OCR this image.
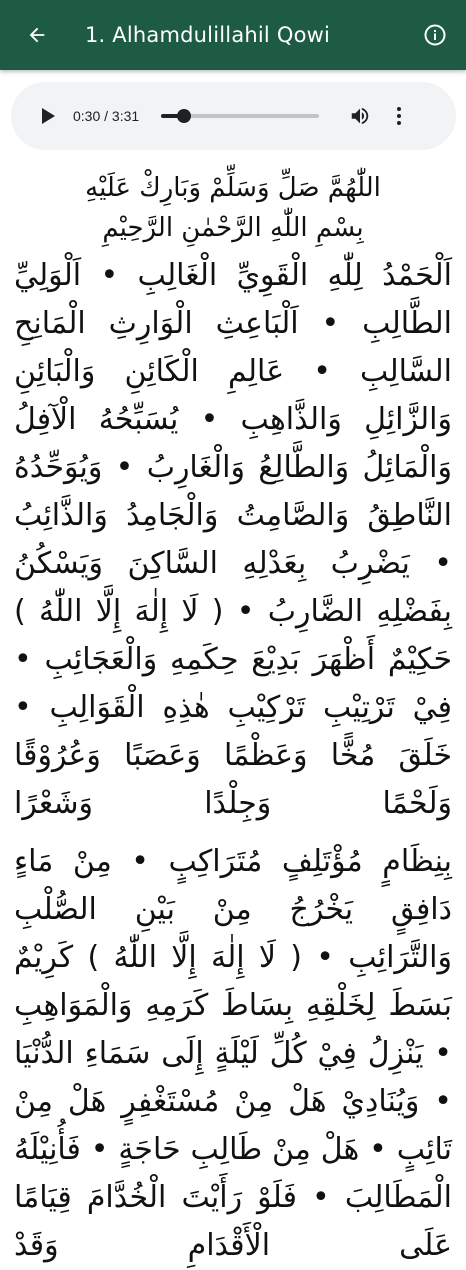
1. Alhamdulillahil Qowi
0:30 / 3:31
اللّٰهُمَّ صَلِّ وَسَلِّمْ وَبَارِكْ عَلَيْهِ
بِسْمِ اللّٰهِ الرَّحْمٰنِ الرَّحِيْمِ

اَلْحَمْدُ لِلّٰهِ الْقَوِيِّ الْغَالِبِ • اَلْوَلِيِّ الطَّالِبِ • اَلْبَاعِثِ الْوَارِثِ الْمَانِحِ السَّالِبِ • عَالِمِ الْكَائِنِ وَالْبَائِنِ وَالزَّائِلِ وَالذَّاهِبِ • يُسَبِّحُهُ الْآفِلُ وَالْمَائِلُ وَالطَّالِعُ وَالْغَارِبُ • وَيُوَحِّدُهُ النَّاطِقُ وَالصَّامِتُ وَالْجَامِدُ وَالذَّائِبُ • يَضْرِبُ بِعَدْلِهِ السَّاكِنَ وَيَسْكُنُ بِفَضْلِهِ الضَّارِبُ • ( لَا إِلٰهَ إِلَّا اللّٰهُ ) حَكِيْمٌ أَظْهَرَ بَدِيْعَ حِكَمِهِ وَالْعَجَائِبِ • فِيْ تَرْتِيْبِ تَرْكِيْبِ هٰذِهِ الْقَوَالِبِ • خَلَقَ مُخًّا وَعَظْمًا وَعَصَبًا وَعُرُوْقًا وَلَحْمًا وَجِلْدًا وَشَعْرًا

بِنِظَامٍ مُؤْتَلِفٍ مُتَرَاكِبٍ • مِنْ مَاءٍ دَافِقٍ يَخْرُجُ مِنْ بَيْنِ الصُّلْبِ وَالتَّرَائِبِ • ( لَا إِلٰهَ إِلَّا اللّٰهُ ) كَرِيْمٌ بَسَطَ لِخَلْقِهِ بِسَاطَ كَرَمِهِ وَالْمَوَاهِبِ • يَنْزِلُ فِيْ كُلِّ لَيْلَةٍ إِلَى سَمَاءِ الدُّنْيَا • وَيُنَادِيْ هَلْ مِنْ مُسْتَغْفِرٍ هَلْ مِنْ تَائِبٍ • هَلْ مِنْ طَالِبِ حَاجَةٍ • فَأُنِيْلَهُ الْمَطَالِبَ • فَلَوْ رَأَيْتَ الْخُدَّامَ قِيَامًا عَلَى الْأَقْدَامِ وَقَدْ
